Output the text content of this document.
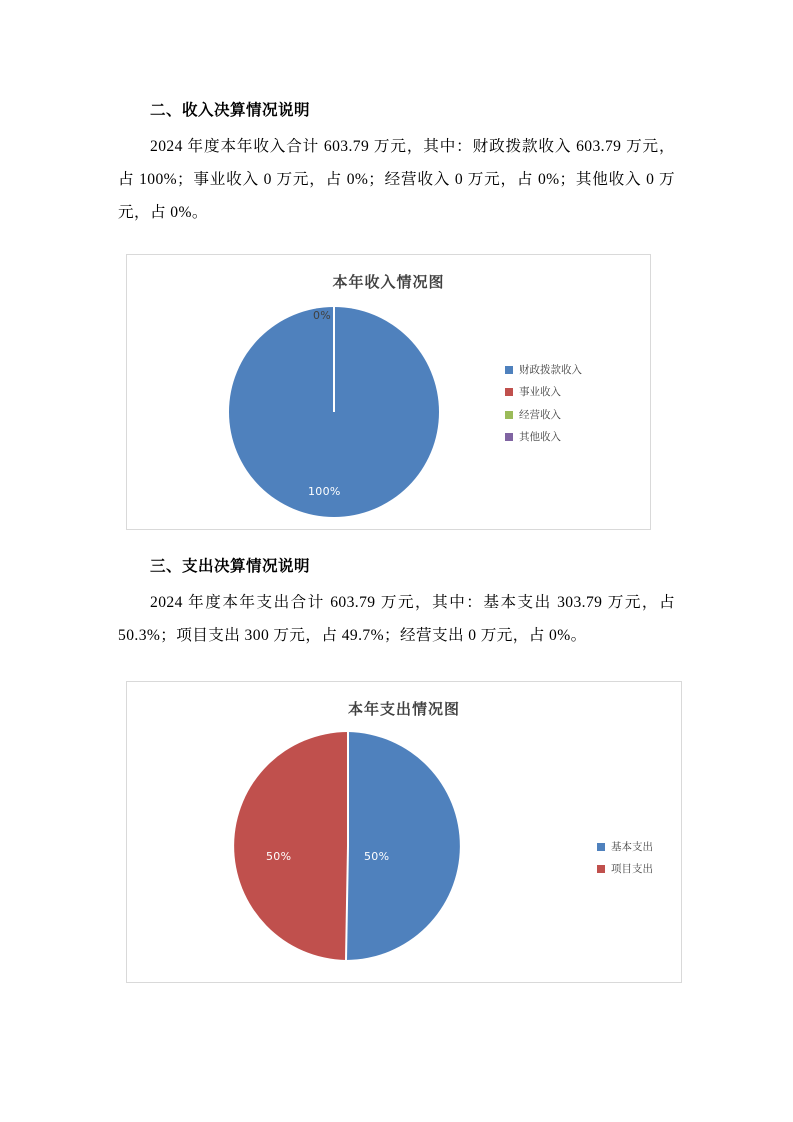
二、收入决算情况说明

2024 年度本年收入合计 603.79 万元，其中：财政拨款收入 603.79 万元，占 100%；事业收入 0 万元，占 0%；经营收入 0 万元，占 0%；其他收入 0 万元，占 0%。

本年收入情况图
0%
100%
财政拨款收入
事业收入
经营收入
其他收入
三、支出决算情况说明

2024 年度本年支出合计 603.79 万元，其中：基本支出 303.79 万元，占 50.3%；项目支出 300 万元，占 49.7%；经营支出 0 万元，占 0%。

本年支出情况图
50%
50%
基本支出
项目支出
